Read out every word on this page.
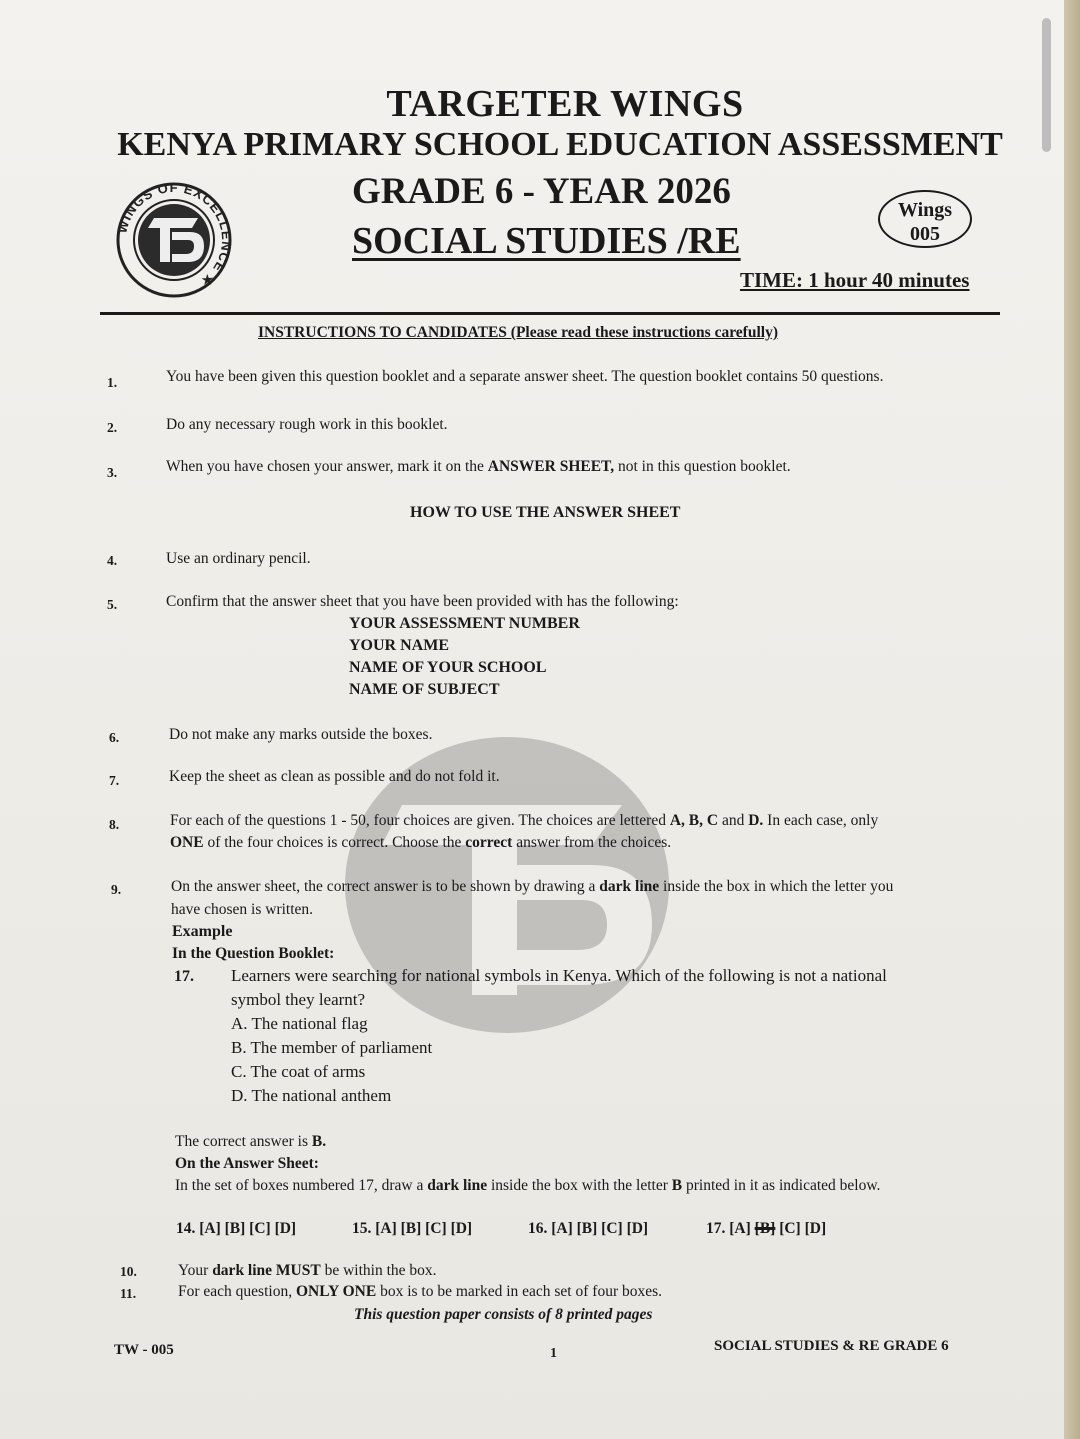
TARGETER WINGS
KENYA PRIMARY SCHOOL EDUCATION ASSESSMENT
GRADE 6 - YEAR 2026
SOCIAL STUDIES /RE
WINGS OF EXCELLENCE ★
Wings
005
TIME: 1 hour 40 minutes
INSTRUCTIONS TO CANDIDATES (Please read these instructions carefully)
1.	You have been given this question booklet and a separate answer sheet. The question booklet contains 50 questions.
2.	Do any necessary rough work in this booklet.
3.	When you have chosen your answer, mark it on the ANSWER SHEET, not in this question booklet.
HOW TO USE THE ANSWER SHEET
4.	Use an ordinary pencil.
5.	Confirm that the answer sheet that you have been provided with has the following:
YOUR ASSESSMENT NUMBER
YOUR NAME
NAME OF YOUR SCHOOL
NAME OF SUBJECT
6.	Do not make any marks outside the boxes.
7.	Keep the sheet as clean as possible and do not fold it.
8.	For each of the questions 1 - 50, four choices are given. The choices are lettered A, B, C and D. In each case, only
ONE of the four choices is correct. Choose the correct answer from the choices.
9.	On the answer sheet, the correct answer is to be shown by drawing a dark line inside the box in which the letter you
have chosen is written.
Example
In the Question Booklet:
17. Learners were searching for national symbols in Kenya. Which of the following is not a national
symbol they learnt?
A. The national flag
B. The member of parliament
C. The coat of arms
D. The national anthem
The correct answer is B.
On the Answer Sheet:
In the set of boxes numbered 17, draw a dark line inside the box with the letter B printed in it as indicated below.
14. [A] [B] [C] [D]	15. [A] [B] [C] [D]	16. [A] [B] [C] [D]	17. [A] [B] [C] [D]
10.	Your dark line MUST be within the box.
11.	For each question, ONLY ONE box is to be marked in each set of four boxes.
This question paper consists of 8 printed pages
TW - 005	1	SOCIAL STUDIES & RE GRADE 6
